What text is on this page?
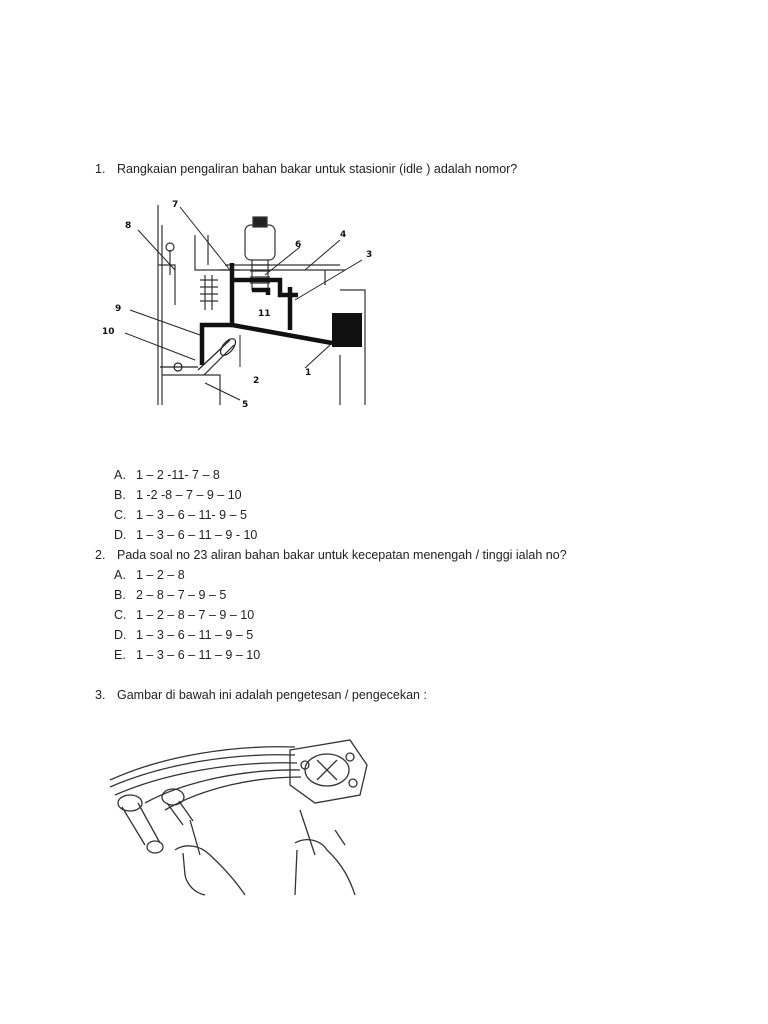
1. Rangkaian pengaliran bahan bakar untuk stasionir (idle ) adalah nomor?
1
2
3
4
5
6
7
8
9
10
11
A. 1 – 2 -11- 7 – 8
B. 1 -2 -8 – 7 – 9 – 10
C. 1 – 3 – 6 – 11- 9 – 5
D. 1 – 3 – 6 – 11 – 9 - 10
2. Pada soal no 23 aliran bahan bakar untuk kecepatan menengah / tinggi ialah no?
A. 1 – 2 – 8
B. 2 – 8 – 7 – 9 – 5
C. 1 – 2 – 8 – 7 – 9 – 10
D. 1 – 3 – 6 – 11 – 9 – 5
E. 1 – 3 – 6 – 11 – 9 – 10
3. Gambar di bawah ini adalah pengetesan / pengecekan :
